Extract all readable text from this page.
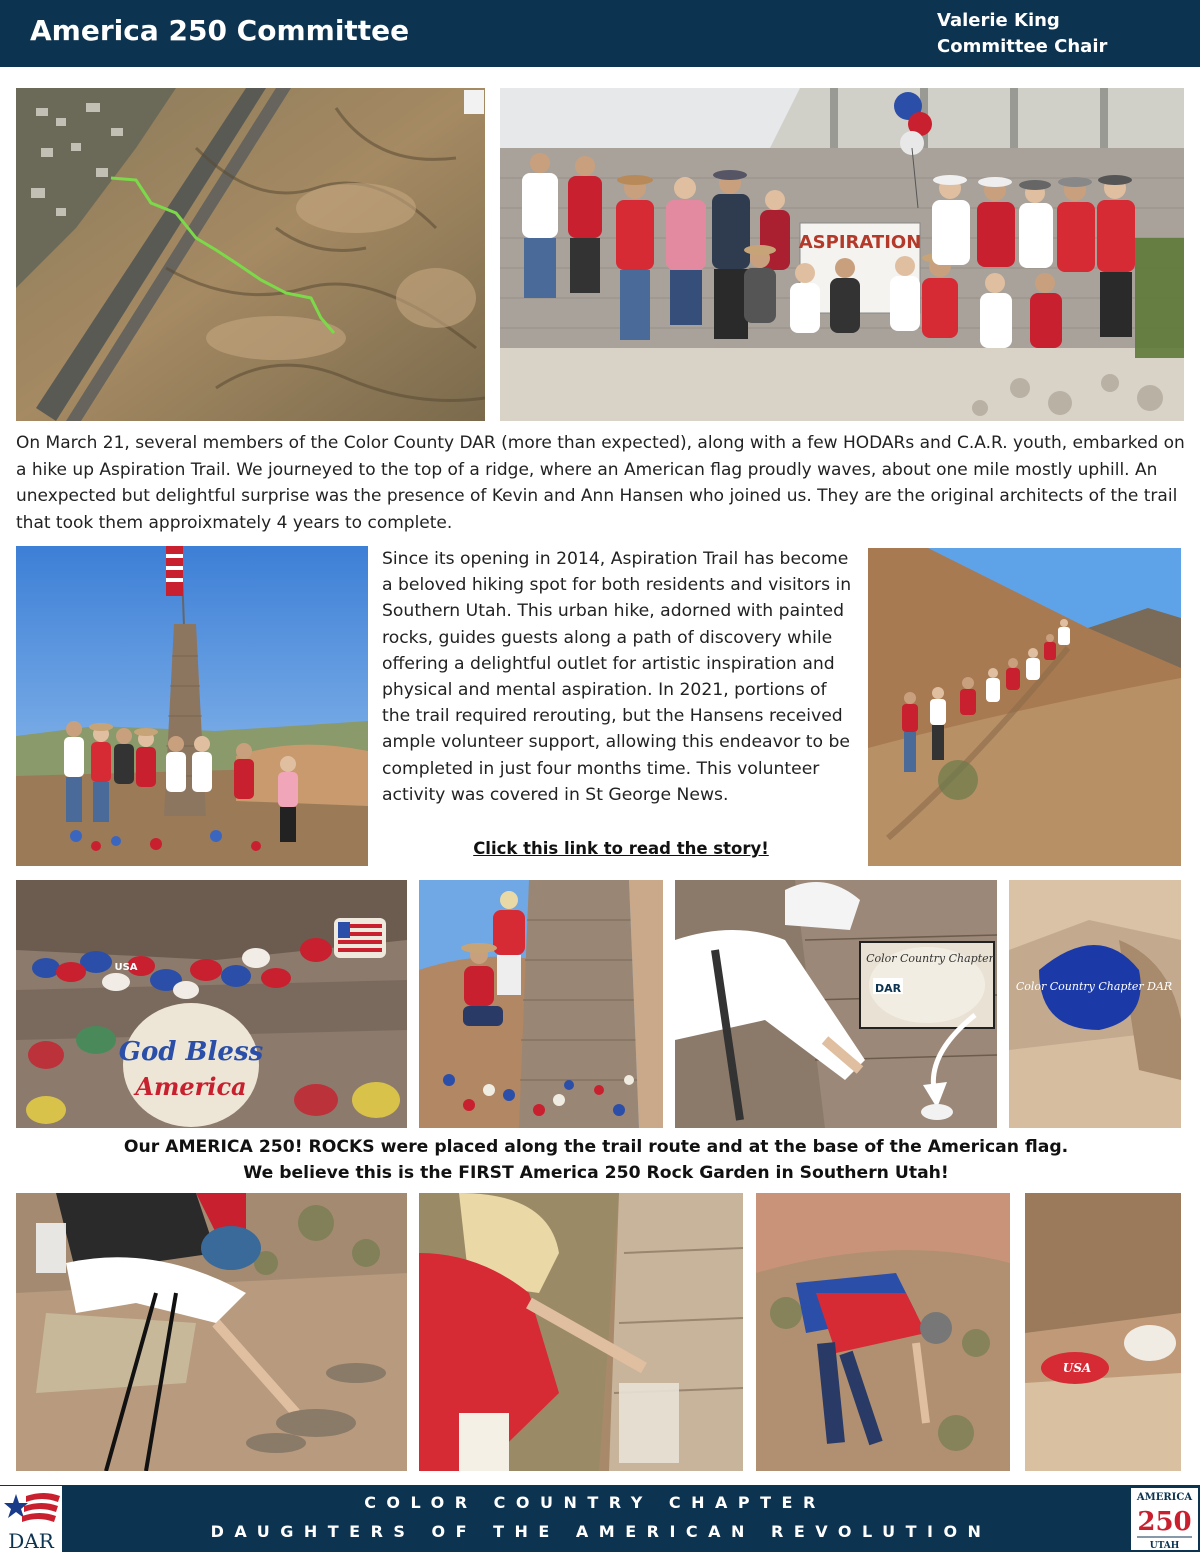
America 250 Committee	Valerie King
Committee Chair
ASPIRATION

On March 21, several members of the Color County DAR (more than expected), along with a few HODARs and C.A.R. youth, embarked on a hike up Aspiration Trail. We journeyed to the top of a ridge, where an American flag proudly waves, about one mile mostly uphill. An unexpected but delightful surprise was the presence of Kevin and Ann Hansen who joined us. They are the original architects of the trail that took them approixmately 4 years to complete.

Since its opening in 2014, Aspiration Trail has become a beloved hiking spot for both residents and visitors in Southern Utah. This urban hike, adorned with painted rocks, guides guests along a path of discovery while offering a delightful outlet for artistic inspiration and physical and mental aspiration. In 2021, portions of the trail required rerouting, but the Hansens received ample volunteer support, allowing this endeavor to be completed in just four months time. This volunteer activity was covered in St George News.

Click this link to read the story!
USA
God Bless
America
Color Country Chapter
DAR	Color Country Chapter DAR
Our AMERICA 250! ROCKS were placed along the trail route and at the base of the American flag.
We believe this is the FIRST America 250 Rock Garden in Southern Utah!
USA
COLOR COUNTRY CHAPTER
DAUGHTERS OF THE AMERICAN REVOLUTION
DAR
AMERICA
250
UTAH
